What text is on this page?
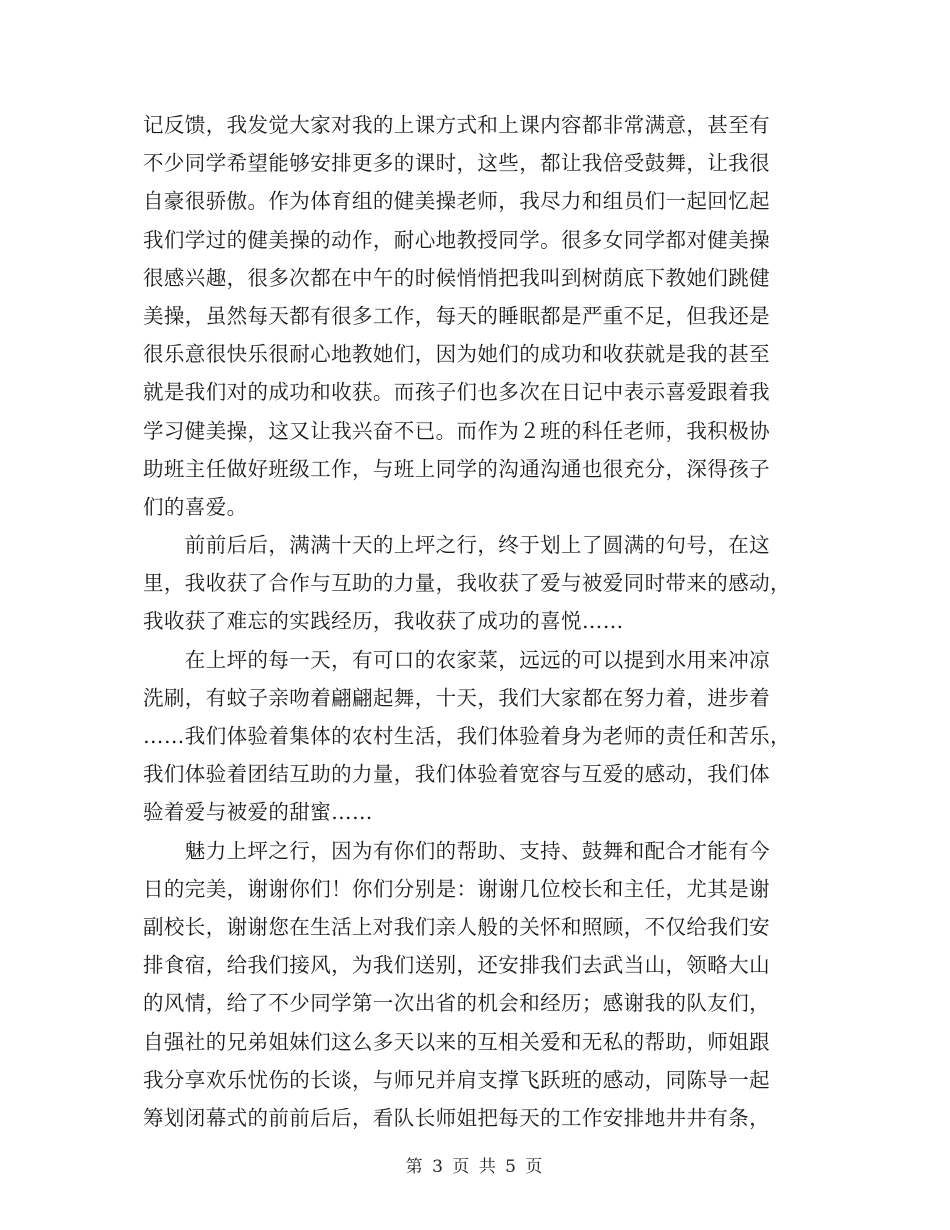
记反馈，我发觉大家对我的上课方式和上课内容都非常满意，甚至有
不少同学希望能够安排更多的课时，这些，都让我倍受鼓舞，让我很
自豪很骄傲。作为体育组的健美操老师，我尽力和组员们一起回忆起
我们学过的健美操的动作，耐心地教授同学。很多女同学都对健美操
很感兴趣，很多次都在中午的时候悄悄把我叫到树荫底下教她们跳健
美操，虽然每天都有很多工作，每天的睡眠都是严重不足，但我还是
很乐意很快乐很耐心地教她们，因为她们的成功和收获就是我的甚至
就是我们对的成功和收获。而孩子们也多次在日记中表示喜爱跟着我
学习健美操，这又让我兴奋不已。而作为２班的科任老师，我积极协
助班主任做好班级工作，与班上同学的沟通沟通也很充分，深得孩子
们的喜爱。
　　前前后后，满满十天的上坪之行，终于划上了圆满的句号，在这
里，我收获了合作与互助的力量，我收获了爱与被爱同时带来的感动，
我收获了难忘的实践经历，我收获了成功的喜悦……
　　在上坪的每一天，有可口的农家菜，远远的可以提到水用来冲凉
洗刷，有蚊子亲吻着翩翩起舞，十天，我们大家都在努力着，进步着
……我们体验着集体的农村生活，我们体验着身为老师的责任和苦乐，
我们体验着团结互助的力量，我们体验着宽容与互爱的感动，我们体
验着爱与被爱的甜蜜……
　　魅力上坪之行，因为有你们的帮助、支持、鼓舞和配合才能有今
日的完美，谢谢你们！你们分别是：谢谢几位校长和主任，尤其是谢
副校长，谢谢您在生活上对我们亲人般的关怀和照顾，不仅给我们安
排食宿，给我们接风，为我们送别，还安排我们去武当山，领略大山
的风情，给了不少同学第一次出省的机会和经历；感谢我的队友们，
自强社的兄弟姐妹们这么多天以来的互相关爱和无私的帮助，师姐跟
我分享欢乐忧伤的长谈，与师兄并肩支撑飞跃班的感动，同陈导一起
筹划闭幕式的前前后后，看队长师姐把每天的工作安排地井井有条，
第 3 页 共 5 页
